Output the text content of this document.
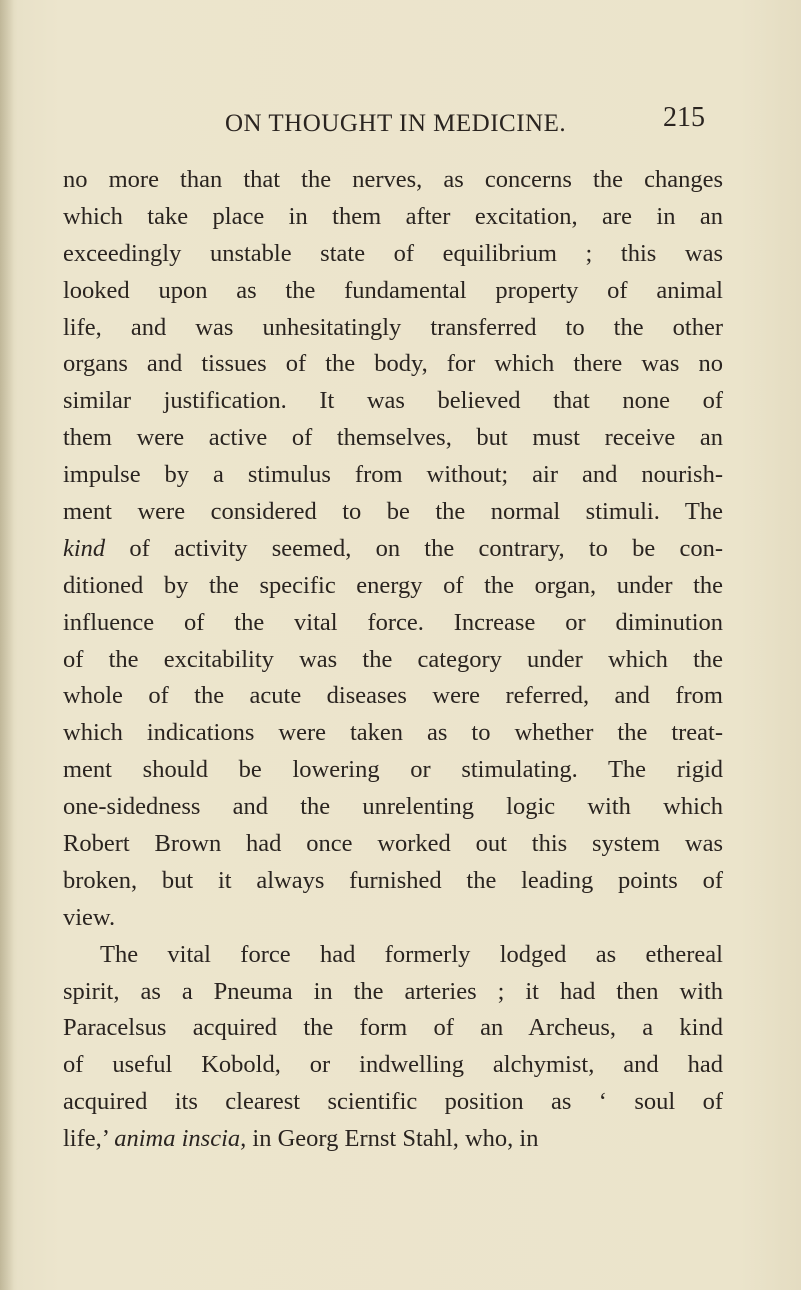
ON THOUGHT IN MEDICINE.	215
no more than that the nerves, as concerns the changes
which take place in them after excitation, are in an
exceedingly unstable state of equilibrium ; this was
looked upon as the fundamental property of animal
life, and was unhesitatingly transferred to the other
organs and tissues of the body, for which there was no
similar justification. It was believed that none of
them were active of themselves, but must receive an
impulse by a stimulus from without; air and nourish-
ment were considered to be the normal stimuli. The
kind of activity seemed, on the contrary, to be con-
ditioned by the specific energy of the organ, under the
influence of the vital force. Increase or diminution
of the excitability was the category under which the
whole of the acute diseases were referred, and from
which indications were taken as to whether the treat-
ment should be lowering or stimulating. The rigid
one-sidedness and the unrelenting logic with which
Robert Brown had once worked out this system was
broken, but it always furnished the leading points of
view.
The vital force had formerly lodged as ethereal
spirit, as a Pneuma in the arteries ; it had then with
Paracelsus acquired the form of an Archeus, a kind
of useful Kobold, or indwelling alchymist, and had
acquired its clearest scientific position as ‘ soul of
life,’ anima inscia, in Georg Ernst Stahl, who, in
